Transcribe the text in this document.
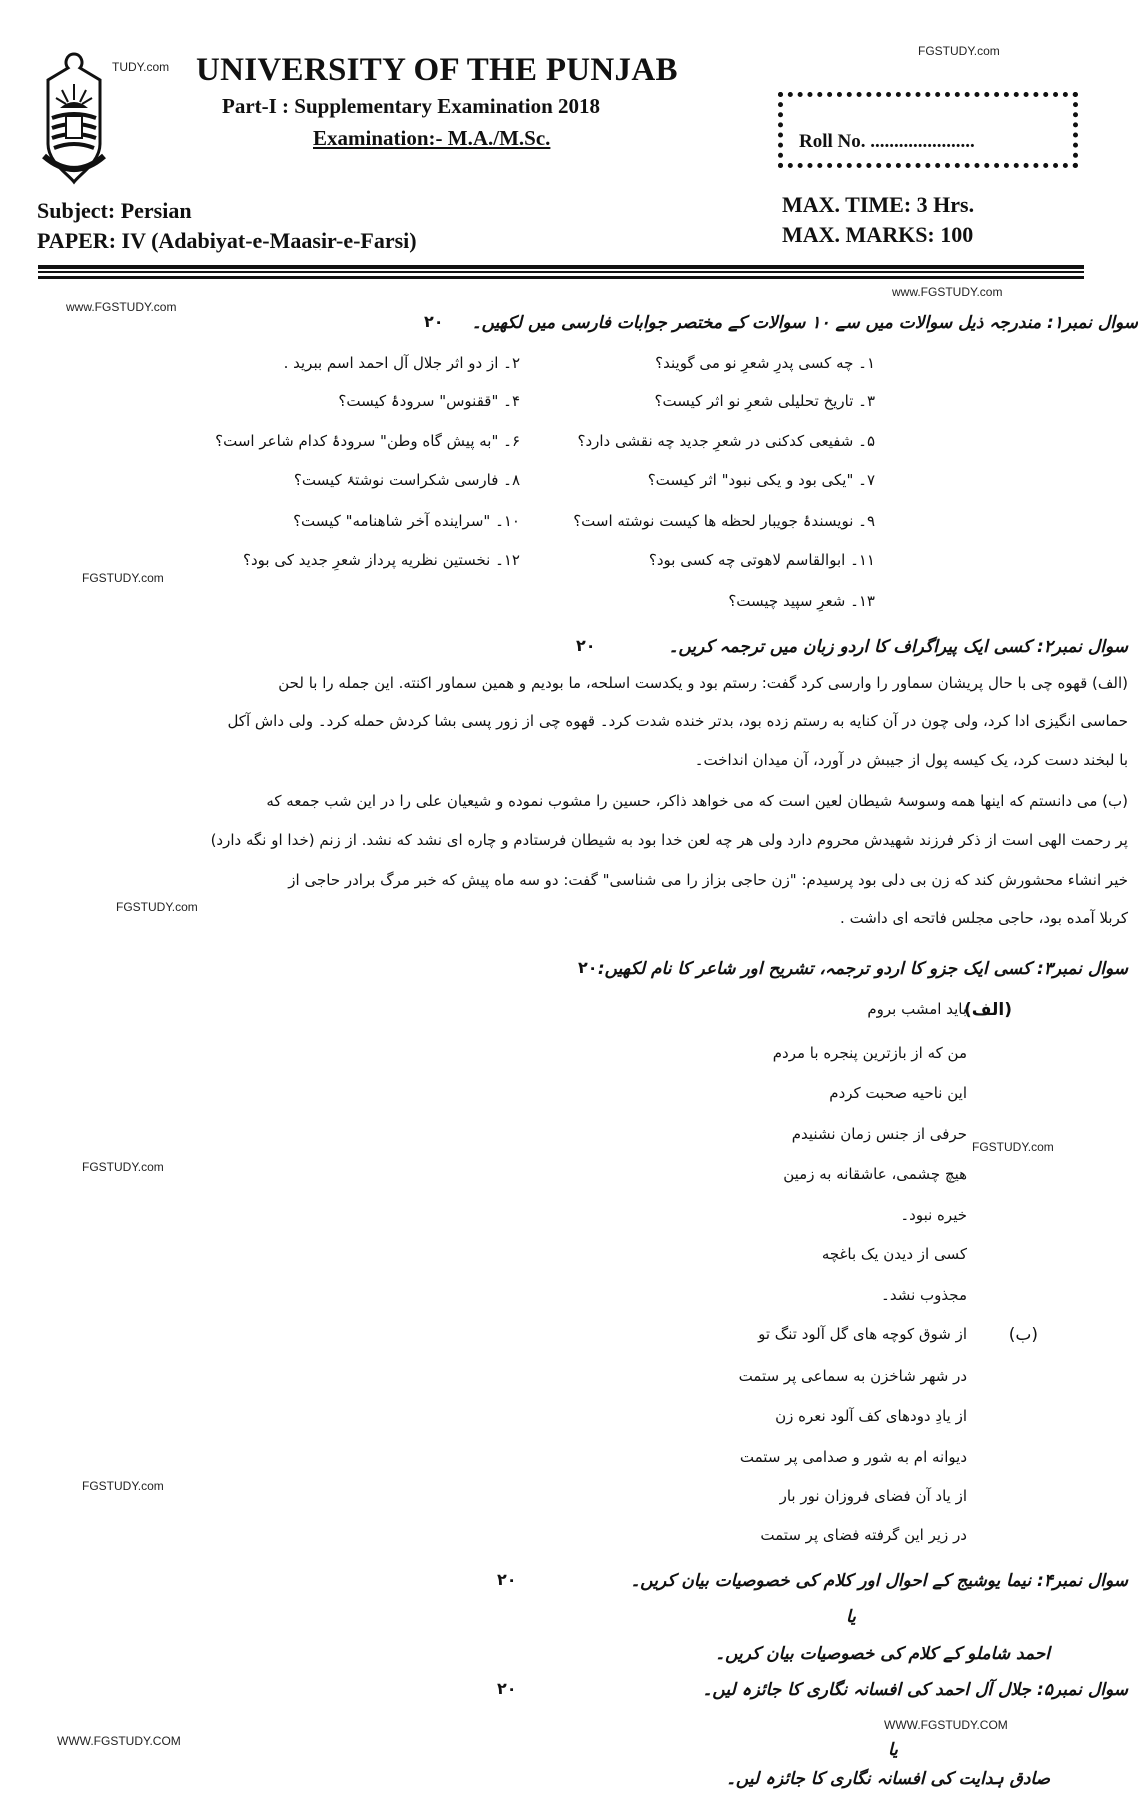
TUDY.com UNIVERSITY OF THE PUNJAB
Part-I : Supplementary Examination 2018
Examination:- M.A./M.Sc.
FGSTUDY.com
Roll No. ......................
Subject: Persian
PAPER: IV (Adabiyat-e-Maasir-e-Farsi)
MAX. TIME: 3 Hrs.
MAX. MARKS: 100
www.FGSTUDY.com
www.FGSTUDY.com
سوال نمبر۱: مندرجہ ذیل سوالات میں سے ۱۰ سوالات کے مختصر جوابات فارسی میں لکھیں۔
۲۰
۱۔ چه کسی پدرِ شعرِ نو می گویند؟
۳۔ تاریخ تحلیلی شعرِ نو اثر کیست؟
۵۔ شفیعی کدکنی در شعرِ جدید چه نقشی دارد؟
۷۔ "یکی بود و یکی نبود" اثر کیست؟
۹۔ نویسندۂ جویبار لحظه ها کیست نوشته است؟
۱۱۔ ابوالقاسم لاهوتی چه کسی بود؟
۱۳۔ شعرِ سپید چیست؟
۲۔ از دو اثر جلال آل احمد اسم ببرید .
۴۔ "ققنوس" سرودۂ کیست؟
۶۔ "به پیش گاه وطن" سرودۂ کدام شاعر است؟
۸۔ فارسی شکراست نوشتۂ کیست؟
۱۰۔ "سراینده آخر شاهنامه" کیست؟
۱۲۔ نخستین نظریه پرداز شعرِ جدید کی بود؟
FGSTUDY.com
سوال نمبر۲: کسی ایک پیراگراف کا اردو زبان میں ترجمہ کریں۔
۲۰
(الف) قهوه چی با حال پریشان سماور را وارسی کرد گفت: رستم بود و یکدست اسلحه، ما بودیم و همین سماور اکنته. این جمله را با لحن
حماسی انگیزی ادا کرد، ولی چون در آن کنایه به رستم زده بود، بدتر خنده شدت کرد۔ قهوه چی از زور پسی بشا کردش حمله کرد۔ ولی داش آکل
با لبخند دست کرد، یک کیسه پول از جیبش در آورد، آن میدان انداخت۔
(ب) می دانستم که اینها همه وسوسۂ شیطان لعین است که می خواهد ذاکر، حسین را مشوب نموده و شیعیان علی را در این شب جمعه که
پر رحمت الهی است از ذکر فرزند شهیدش محروم دارد ولی هر چه لعن خدا بود به شیطان فرستادم و چاره ای نشد که نشد. از زنم (خدا او نگه دارد)
خیر انشاء محشورش کند که زن بی دلی بود پرسیدم: "زن حاجی بزاز را می شناسی" گفت: دو سه ماه پیش که خبر مرگ برادر حاجی از
کربلا آمده بود، حاجی مجلس فاتحه ای داشت .
FGSTUDY.com
سوال نمبر۳: کسی ایک جزو کا اردو ترجمہ، تشریح اور شاعر کا نام لکھیں:
۲۰
(الف)
(ب)
باید امشب بروم
من که از بازترین پنجره با مردم
این ناحیه صحبت کردم
حرفی از جنس زمان نشنیدم
هیچ چشمی، عاشقانه به زمین
خیره نبود۔
کسی از دیدن یک باغچه
مجذوب نشد۔
از شوق کوچه های گل آلود تنگ تو
در شهر شاخزن به سماعی پر ستمت
از یادِ دودهای کف آلود نعره زن
دیوانه ام به شور و صدامی پر ستمت
از یاد آن فضای فروزان نور بار
در زیر این گرفته فضای پر ستمت
FGSTUDY.com
FGSTUDY.com
FGSTUDY.com
سوال نمبر۴: نیما یوشیج کے احوال اور کلام کی خصوصیات بیان کریں۔
۲۰
یا
احمد شاملو کے کلام کی خصوصیات بیان کریں۔
سوال نمبر۵: جلال آل احمد کی افسانہ نگاری کا جائزہ لیں۔
۲۰
WWW.FGSTUDY.COM
یا
صادق ہدایت کی افسانہ نگاری کا جائزہ لیں۔
WWW.FGSTUDY.COM
